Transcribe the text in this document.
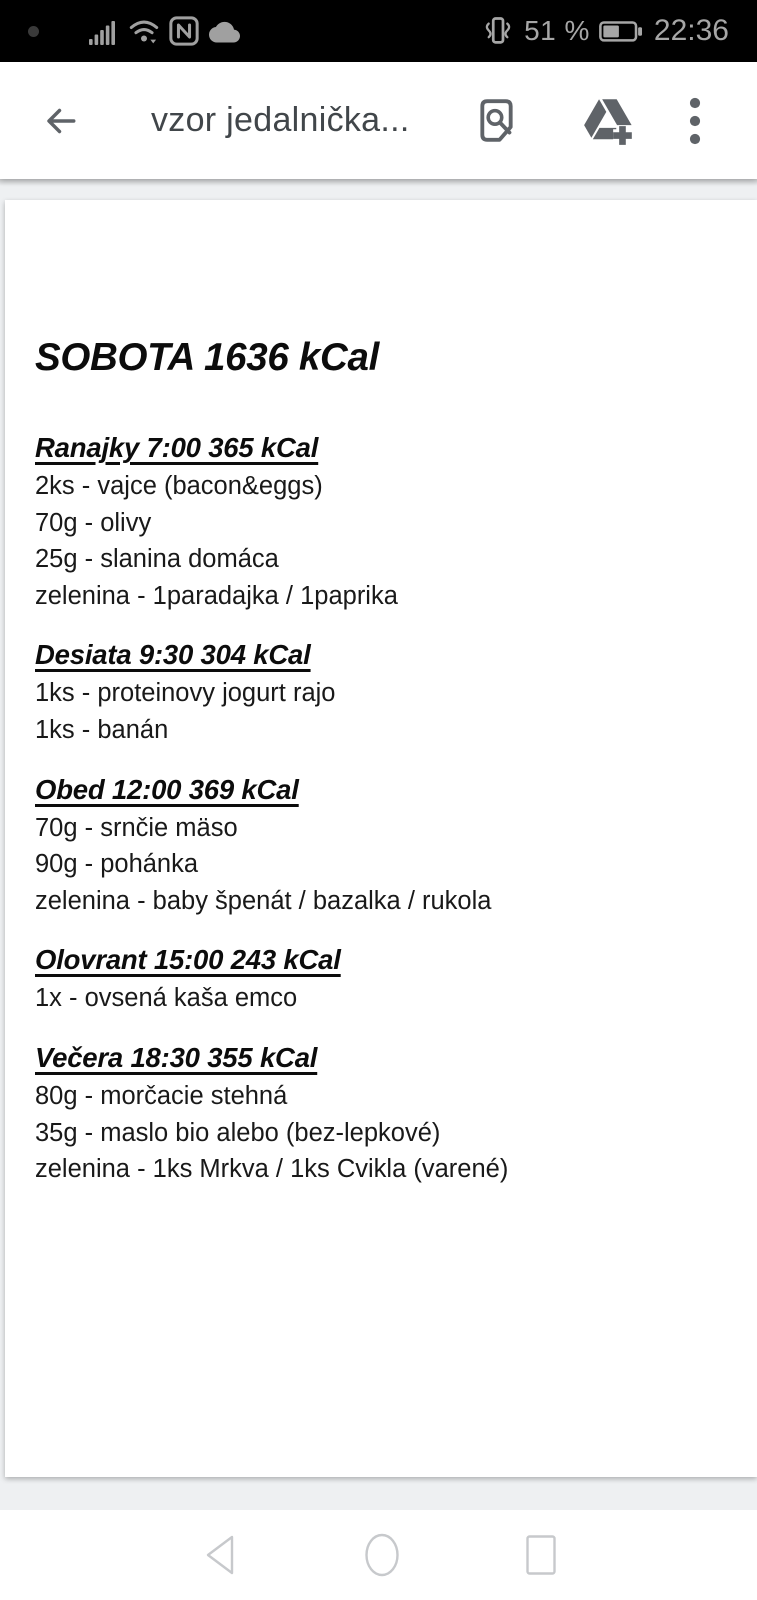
51 % 22:36
vzor jedalnička...
SOBOTA 1636 kCal
Ranajky 7:00 365 kCal

2ks - vajce (bacon&eggs)

70g - olivy

25g - slanina domáca

zelenina - 1paradajka / 1paprika

Desiata 9:30 304 kCal

1ks - proteinovy jogurt rajo

1ks - banán

Obed 12:00 369 kCal

70g - srnčie mäso

90g - pohánka

zelenina - baby špenát / bazalka / rukola

Olovrant 15:00 243 kCal

1x - ovsená kaša emco

Večera 18:30 355 kCal

80g - morčacie stehná

35g - maslo bio alebo (bez-lepkové)

zelenina - 1ks Mrkva / 1ks Cvikla (varené)
